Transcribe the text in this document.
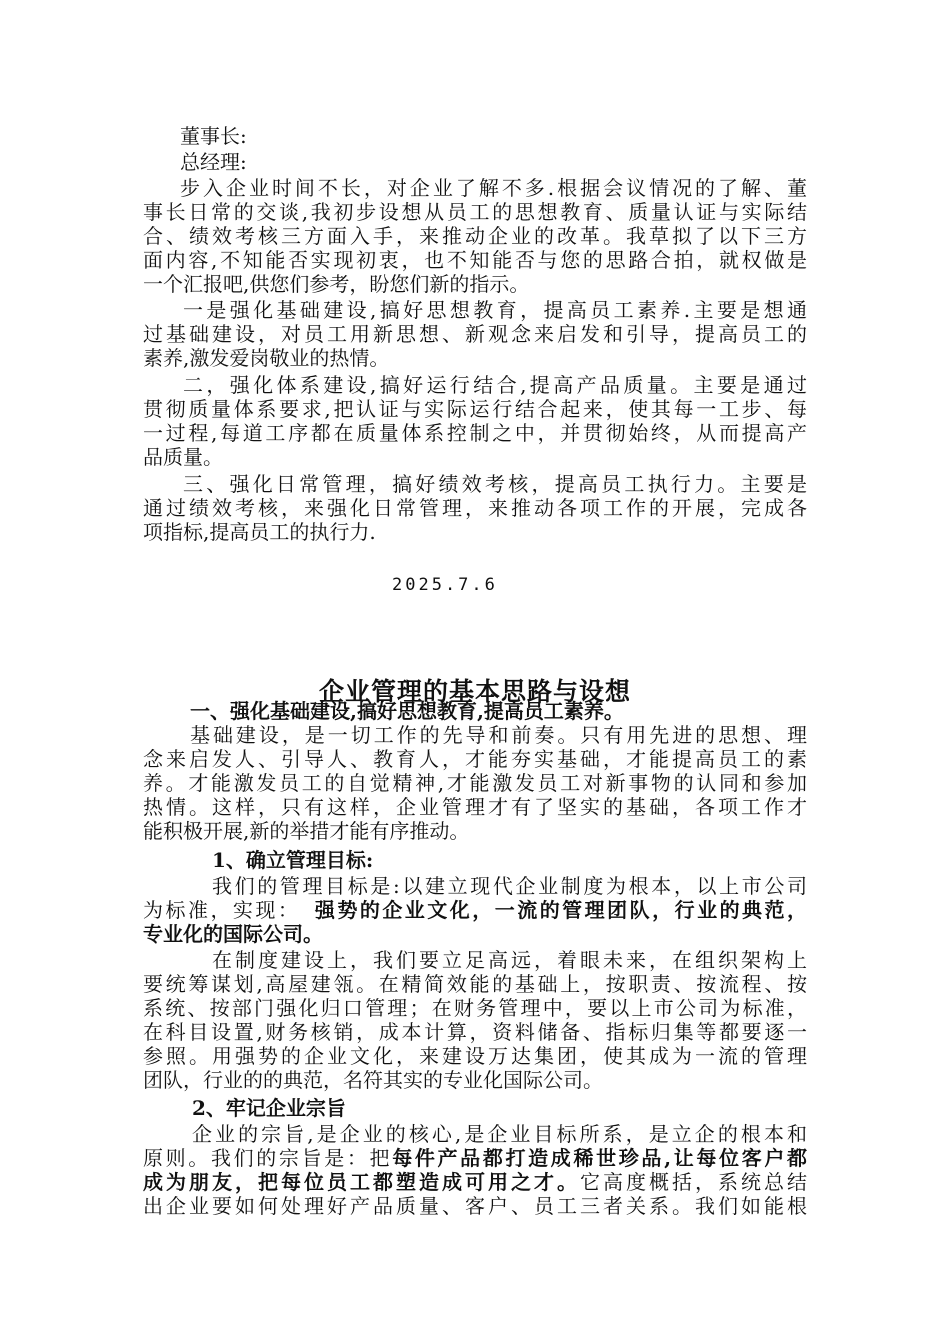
董事长:

总经理:

步入企业时间不长，对企业了解不多.根据会议情况的了解、董

事长日常的交谈,我初步设想从员工的思想教育、质量认证与实际结

合、绩效考核三方面入手，来推动企业的改革。我草拟了以下三方

面内容,不知能否实现初衷，也不知能否与您的思路合拍，就权做是

一个汇报吧,供您们参考，盼您们新的指示。

一是强化基础建设,搞好思想教育，提高员工素养.主要是想通

过基础建设，对员工用新思想、新观念来启发和引导，提高员工的

素养,激发爱岗敬业的热情。

二，强化体系建设,搞好运行结合,提高产品质量。主要是通过

贯彻质量体系要求,把认证与实际运行结合起来，使其每一工步、每

一过程,每道工序都在质量体系控制之中，并贯彻始终，从而提高产

品质量。

三、强化日常管理，搞好绩效考核，提高员工执行力。主要是

通过绩效考核，来强化日常管理，来推动各项工作的开展，完成各

项指标,提高员工的执行力.

2025.7.6
企业管理的基本思路与设想

一、强化基础建设,搞好思想教育,提高员工素养。

基础建设，是一切工作的先导和前奏。只有用先进的思想、理

念来启发人、引导人、教育人，才能夯实基础，才能提高员工的素

养。才能激发员工的自觉精神,才能激发员工对新事物的认同和参加

热情。这样，只有这样，企业管理才有了坚实的基础，各项工作才

能积极开展,新的举措才能有序推动。

1、确立管理目标:

我们的管理目标是:以建立现代企业制度为根本，以上市公司

为标准，实现： 强势的企业文化，一流的管理团队，行业的典范，

专业化的国际公司。

在制度建设上，我们要立足高远，着眼未来，在组织架构上

要统筹谋划,高屋建瓴。在精简效能的基础上，按职责、按流程、按

系统、按部门强化归口管理；在财务管理中，要以上市公司为标准，

在科目设置,财务核销，成本计算，资料储备、指标归集等都要逐一

参照。用强势的企业文化，来建设万达集团，使其成为一流的管理

团队，行业的的典范，名符其实的专业化国际公司。

2、牢记企业宗旨

企业的宗旨,是企业的核心,是企业目标所系，是立企的根本和

原则。我们的宗旨是：把每件产品都打造成稀世珍品,让每位客户都

成为朋友，把每位员工都塑造成可用之才。它高度概括，系统总结

出企业要如何处理好产品质量、客户、员工三者关系。我们如能根
